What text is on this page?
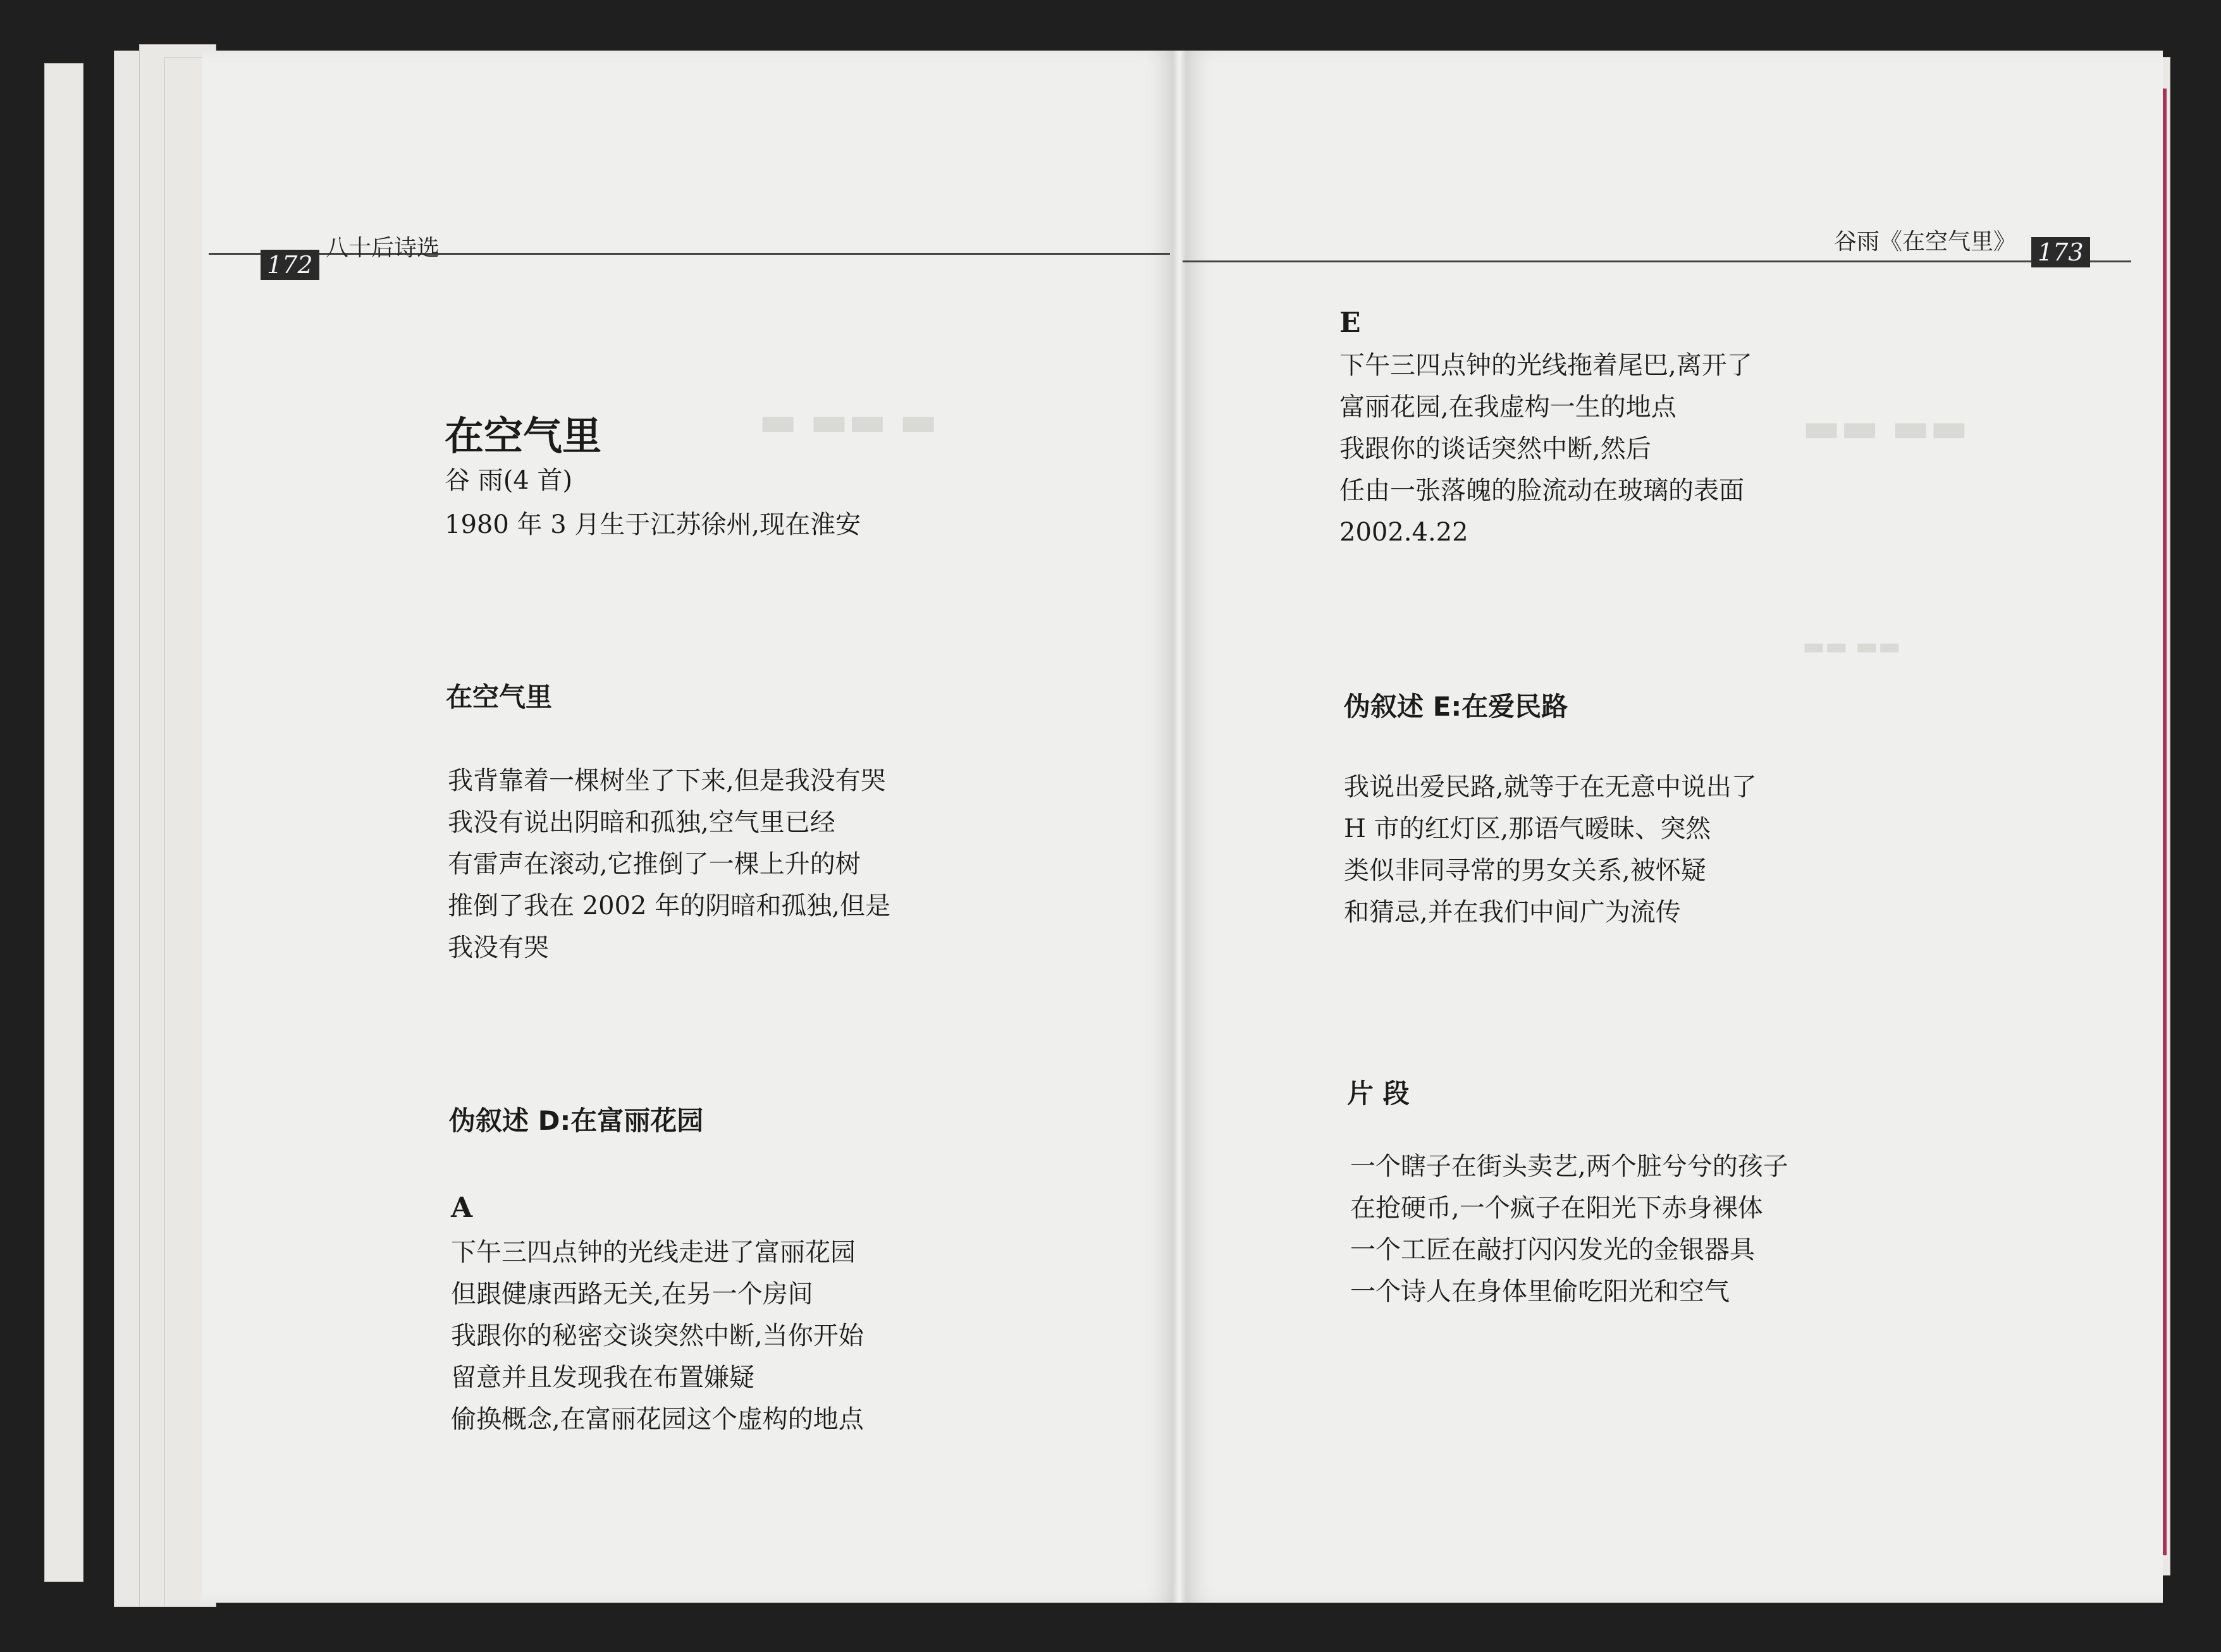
▬ ▬▬ ▬	▬▬ ▬▬
▬▬ ▬▬
172
八十后诗选
在空气里
谷 雨(4 首)
1980 年 3 月生于江苏徐州,现在淮安
在空气里
我背靠着一棵树坐了下来,但是我没有哭
我没有说出阴暗和孤独,空气里已经
有雷声在滚动,它推倒了一棵上升的树
推倒了我在 2002 年的阴暗和孤独,但是
我没有哭
伪叙述 D:在富丽花园
A
下午三四点钟的光线走进了富丽花园
但跟健康西路无关,在另一个房间
我跟你的秘密交谈突然中断,当你开始
留意并且发现我在布置嫌疑
偷换概念,在富丽花园这个虚构的地点
谷雨《在空气里》 173
E
下午三四点钟的光线拖着尾巴,离开了
富丽花园,在我虚构一生的地点
我跟你的谈话突然中断,然后
任由一张落魄的脸流动在玻璃的表面
2002.4.22
伪叙述 E:在爱民路
我说出爱民路,就等于在无意中说出了
H 市的红灯区,那语气暧昧、突然
类似非同寻常的男女关系,被怀疑
和猜忌,并在我们中间广为流传
片 段
一个瞎子在街头卖艺,两个脏兮兮的孩子
在抢硬币,一个疯子在阳光下赤身裸体
一个工匠在敲打闪闪发光的金银器具
一个诗人在身体里偷吃阳光和空气
